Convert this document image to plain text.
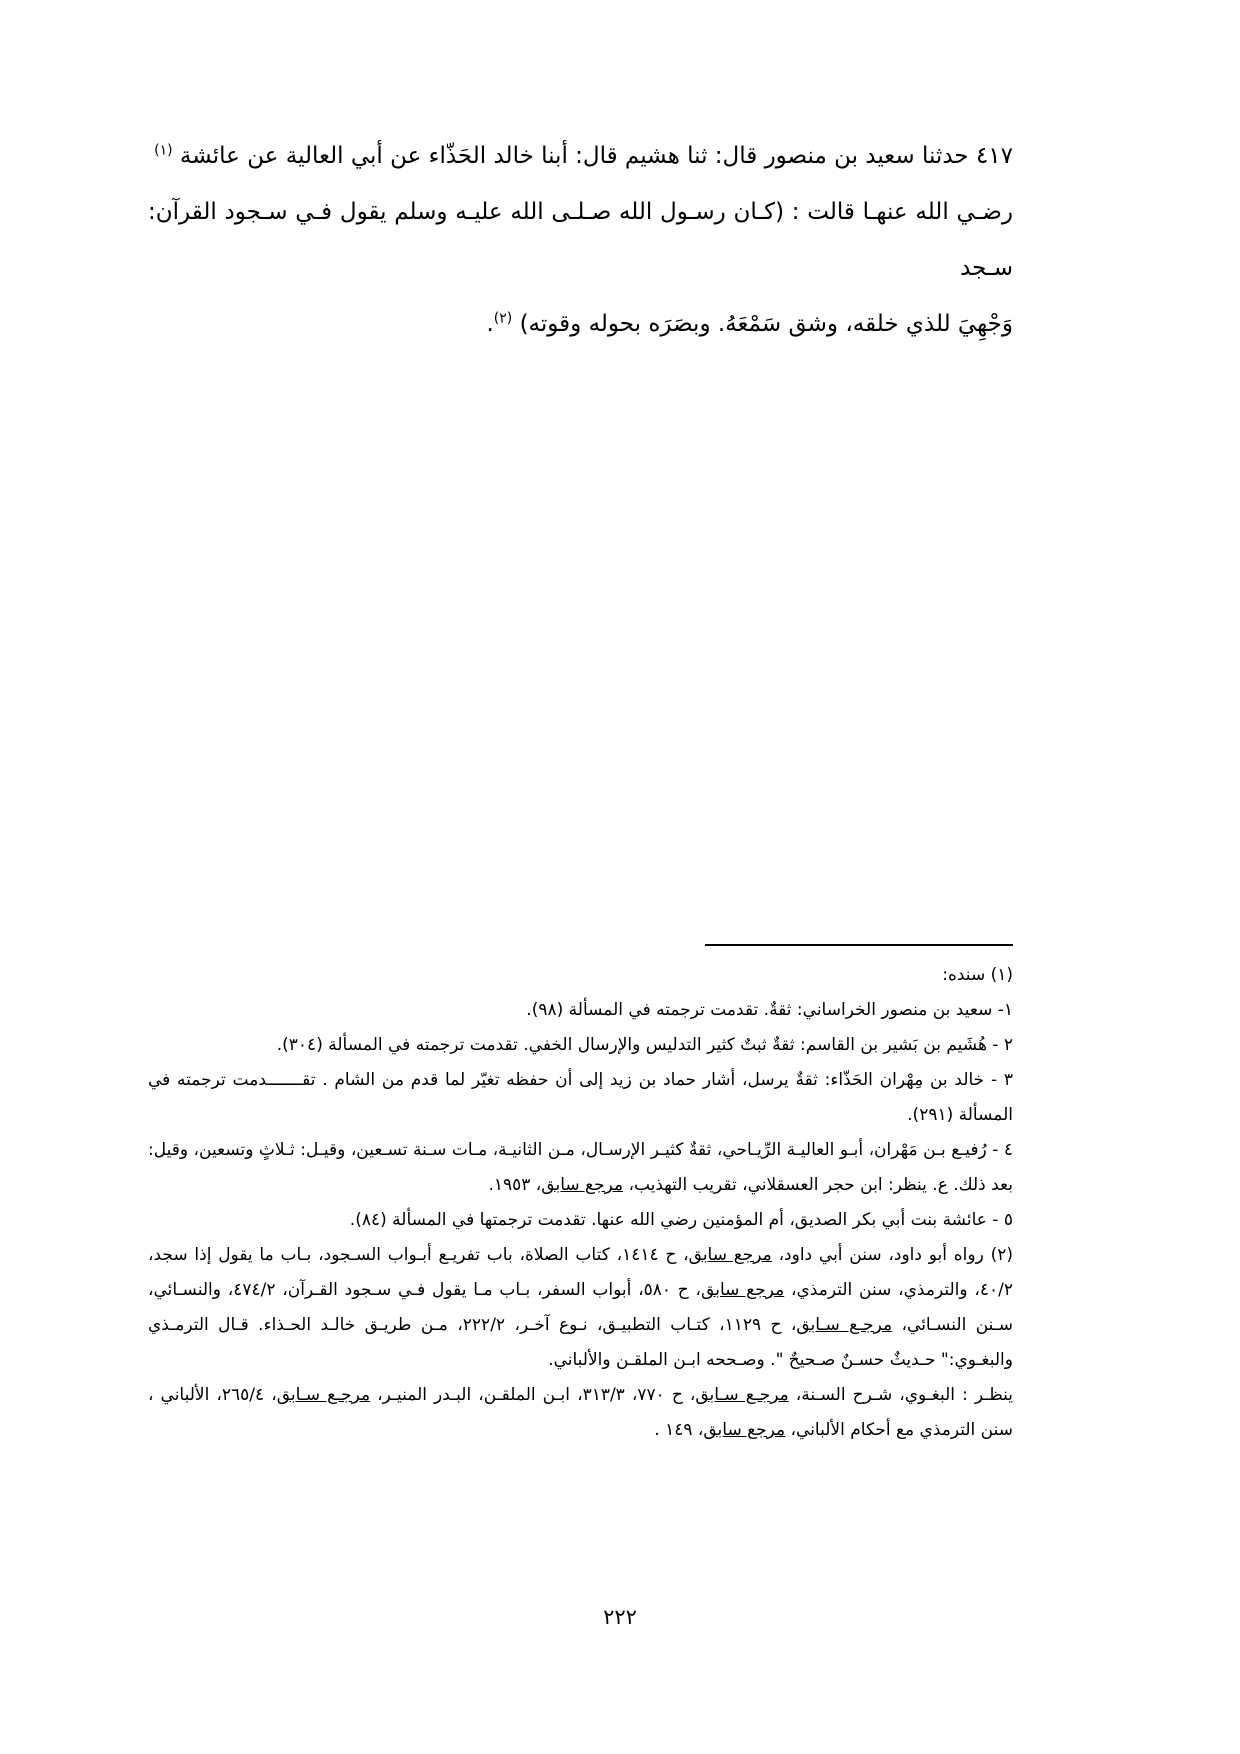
٤١٧ حدثنا سعيد بن منصور قال: ثنا هشيم قال: أبنا خالد الحَذّاء عن أبي العالية عن عائشة $^{(١)}$

رضـي الله عنهـا قالت : (كـان رسـول الله صـلـى الله عليـه وسلم يقول فـي سـجود القرآن: سـجد

وَجْهِيَ للذي خلقه، وشق سَمْعَهُ. وبصَرَه بحوله وقوته) $^{(٢)}$.

(١) سنده:

١- سعيد بن منصور الخراساني: ثقةٌ. تقدمت ترجمته في المسألة (٩٨).

٢ - هُشَيم بن بَشير بن القاسم: ثقةٌ ثبتٌ كثير التدليس والإرسال الخفي. تقدمت ترجمته في المسألة (٣٠٤).

٣ - خالد بن مِهْران الحَذّاء: ثقةٌ يرسل، أشار حماد بن زيد إلى أن حفظه تغيّر لما قدم من الشام . تقـــــــدمت ترجمته في المسألة (٢٩١).

٤ - رُفيـع بـن مَهْران، أبـو العاليـة الرِّيـاحي، ثقةٌ كثيـر الإرسـال، مـن الثانيـة، مـات سـنة تسـعين، وقيـل: ثـلاثٍ وتسعين، وقيل: بعد ذلك. ع. ينظر: ابن حجر العسقلاني، تقريب التهذيب، مرجع سابق، ١٩٥٣.

٥ - عائشة بنت أبي بكر الصديق، أم المؤمنين رضي الله عنها. تقدمت ترجمتها في المسألة (٨٤).

(٢) رواه أبو داود، سنن أبي داود، مرجع سابق، ح ١٤١٤، كتاب الصلاة، باب تفريـع أبـواب السـجود، بـاب ما يقول إذا سجد، ٤٠/٢، والترمذي، سنن الترمذي، مرجع سابق، ح ٥٨٠، أبواب السفر، بـاب مـا يقول فـي سـجود القـرآن، ٤٧٤/٢، والنسـائي، سـنن النسـائي، مرجـع سـابق، ح ١١٢٩، كتـاب التطبيـق، نـوع آخـر، ٢٢٢/٢، مـن طريـق خالـد الحـذاء. قـال الترمـذي والبغـوي:" حـديثٌ حسـنٌ صـحيحٌ ". وصـححه ابـن الملقـن والألباني.

ينظـر : البغـوي، شـرح السـنة، مرجـع سـابق، ح ٧٧٠، ٣١٣/٣، ابـن الملقـن، البـدر المنيـر، مرجـع سـابق، ٢٦٥/٤، الألباني ، سنن الترمذي مع أحكام الألباني، مرجع سابق، ١٤٩ .

٢٢٢
